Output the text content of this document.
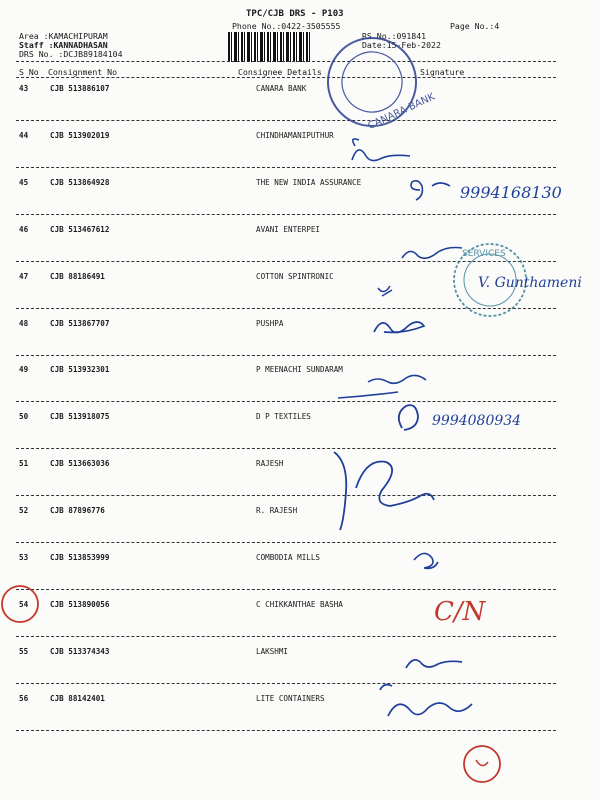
TPC/CJB DRS - P103
Phone No.:0422-3505555	Page No.:4
Area :KAMACHIPURAM
Staff :KANNADHASAN
DRS No. :DCJB89184104
RS No.:091841
Date:15-Feb-2022
S No Consignment No	Consignee Details	Signature
43	CJB 513886107	CANARA BANK
44	CJB 513902019	CHINDHAMANIPUTHUR
45	CJB 513864928	THE NEW INDIA ASSURANCE
46	CJB 513467612	AVANI ENTERPEI
47	CJB 88186491	COTTON SPINTRONIC
48	CJB 513867707	PUSHPA
49	CJB 513932301	P MEENACHI SUNDARAM
50	CJB 513918075	D P TEXTILES
51	CJB 513663036	RAJESH
52	CJB 87896776	R. RAJESH
53	CJB 513853999	COMBODIA MILLS
54	CJB 513890056	C CHIKKANTHAE BASHA
55	CJB 513374343	LAKSHMI
56	CJB 88142401	LITE CONTAINERS
CANARA BANK
9994168130
SERVICES
V. Gunthameni
9994080934
C/N
